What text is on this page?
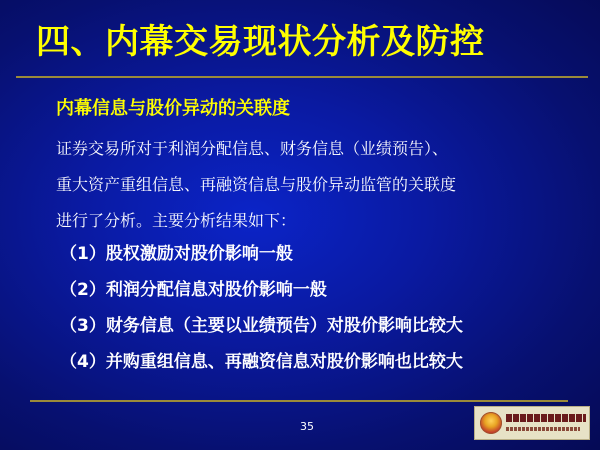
四、内幕交易现状分析及防控
内幕信息与股价异动的关联度
证券交易所对于利润分配信息、财务信息（业绩预告）、
重大资产重组信息、再融资信息与股价异动监管的关联度
进行了分析。主要分析结果如下：
（1）股权激励对股价影响一般
（2）利润分配信息对股价影响一般
（3）财务信息（主要以业绩预告）对股价影响比较大
（4）并购重组信息、再融资信息对股价影响也比较大
35
